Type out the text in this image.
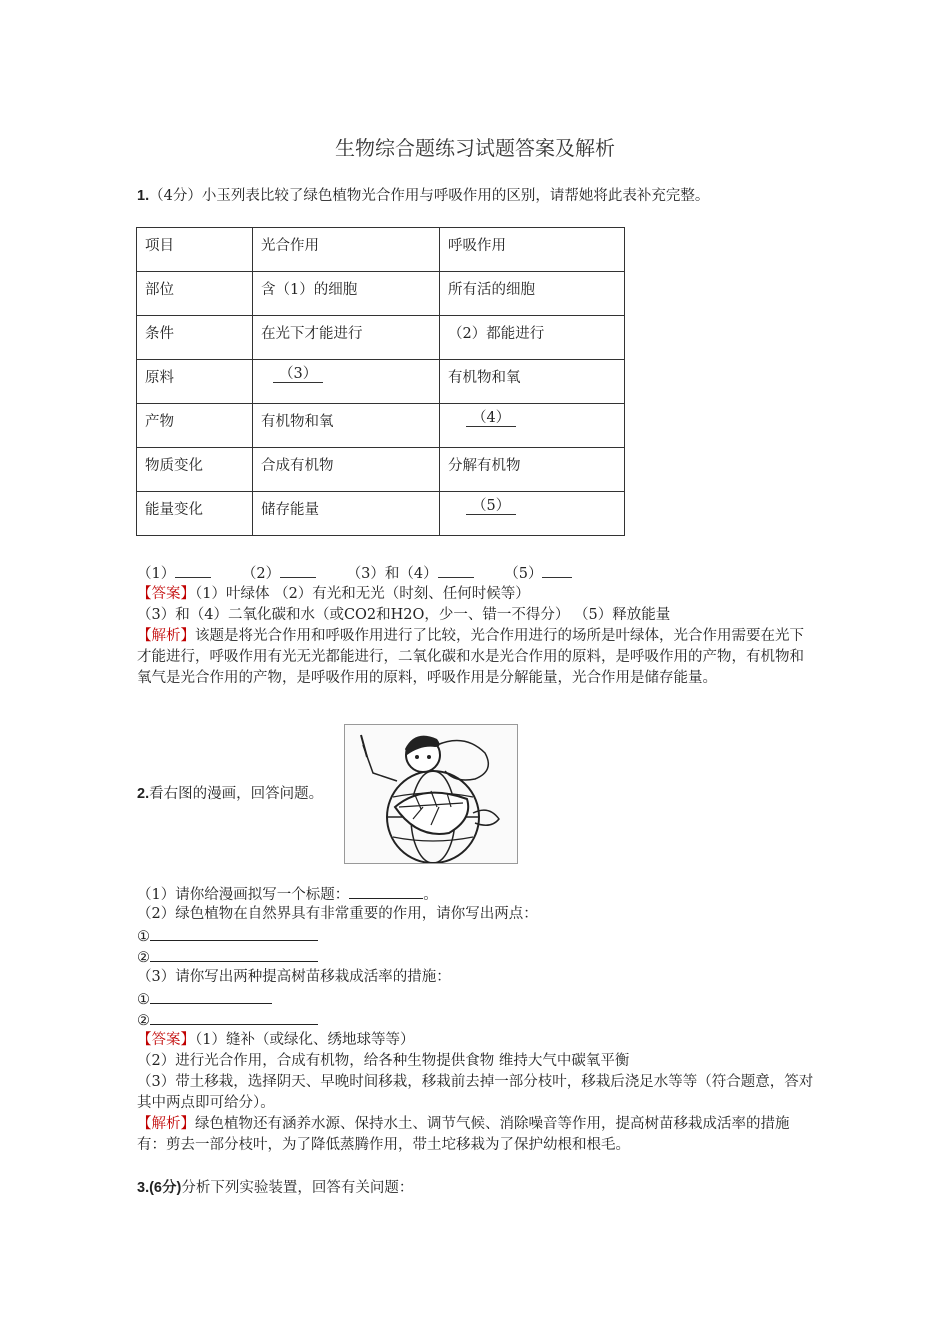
生物综合题练习试题答案及解析
1.（4分）小玉列表比较了绿色植物光合作用与呼吸作用的区别，请帮她将此表补充完整。
项目	光合作用	呼吸作用
部位	含（1）的细胞	所有活的细胞
条件	在光下才能进行	（2）都能进行
原料	（3）	有机物和氧
产物	有机物和氧	（4）
物质变化	合成有机物	分解有机物
能量变化	储存能量	（5）
（1）	（2）	（3）和（4）	（5）
【答案】（1）叶绿体 （2）有光和无光（时刻、任何时候等）
（3）和（4）二氧化碳和水（或CO2和H2O，少一、错一不得分） （5）释放能量
【解析】该题是将光合作用和呼吸作用进行了比较，光合作用进行的场所是叶绿体，光合作用需要在光下才能进行，呼吸作用有光无光都能进行，二氧化碳和水是光合作用的原料，是呼吸作用的产物，有机物和氧气是光合作用的产物，是呼吸作用的原料，呼吸作用是分解能量，光合作用是储存能量。
2.看右图的漫画，回答问题。
（1）请你给漫画拟写一个标题：	。
（2）绿色植物在自然界具有非常重要的作用，请你写出两点：
①
②
（3）请你写出两种提高树苗移栽成活率的措施：
①
②
【答案】（1）缝补（或绿化、绣地球等等）
（2）进行光合作用，合成有机物，给各种生物提供食物 维持大气中碳氧平衡
（3）带土移栽，选择阴天、早晚时间移栽，移栽前去掉一部分枝叶，移栽后浇足水等等（符合题意，答对其中两点即可给分）。
【解析】绿色植物还有涵养水源、保持水土、调节气候、消除噪音等作用，提高树苗移栽成活率的措施有：剪去一部分枝叶，为了降低蒸腾作用，带土坨移栽为了保护幼根和根毛。
3.(6分)分析下列实验装置，回答有关问题：
